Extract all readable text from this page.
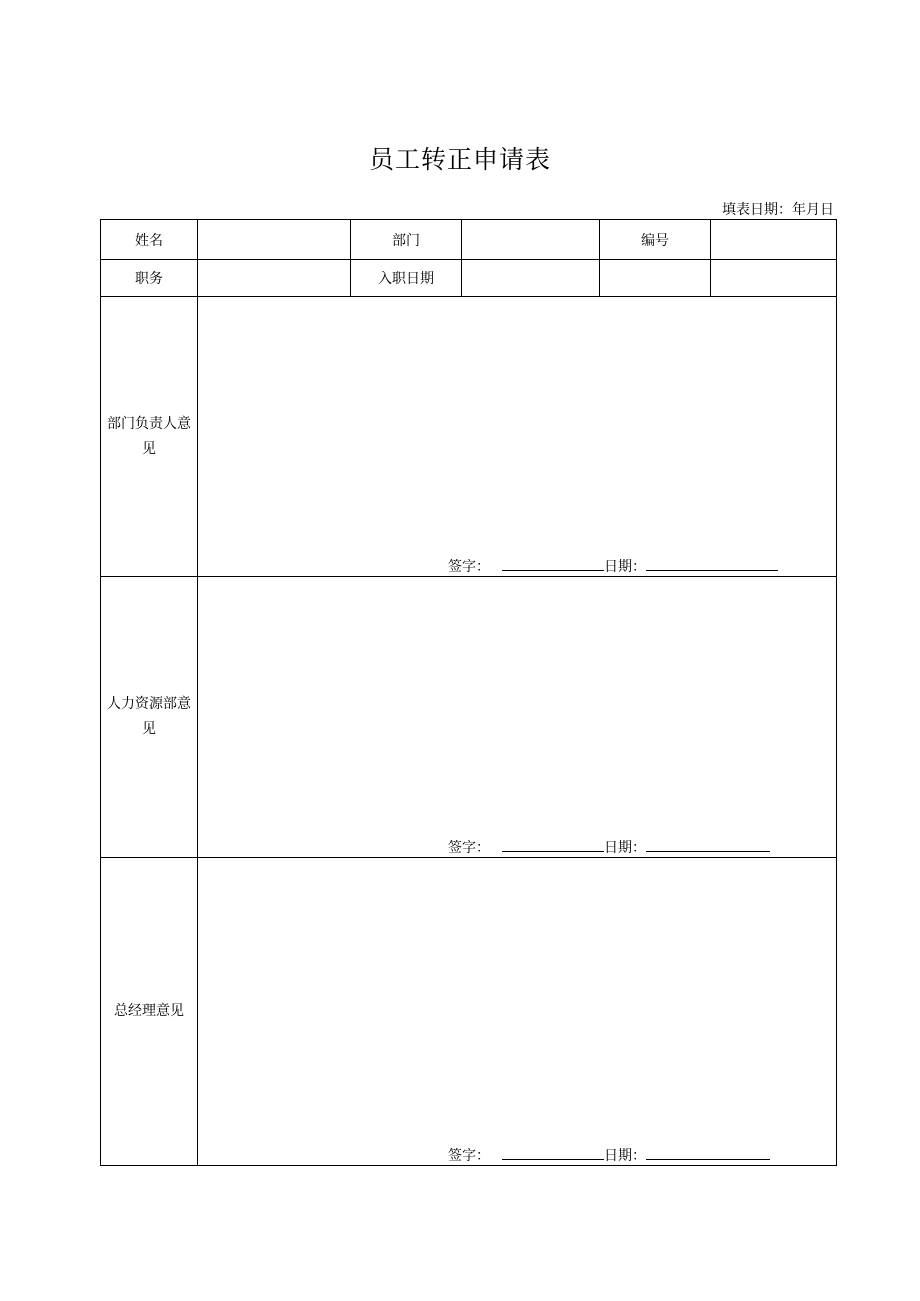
员工转正申请表
填表日期：年月日
姓名		部门		编号	
职务		入职日期			
部门负责人意见	签字： 日期：				

人力资源部意见	签字： 日期：				

总经理意见	签字： 日期：				
